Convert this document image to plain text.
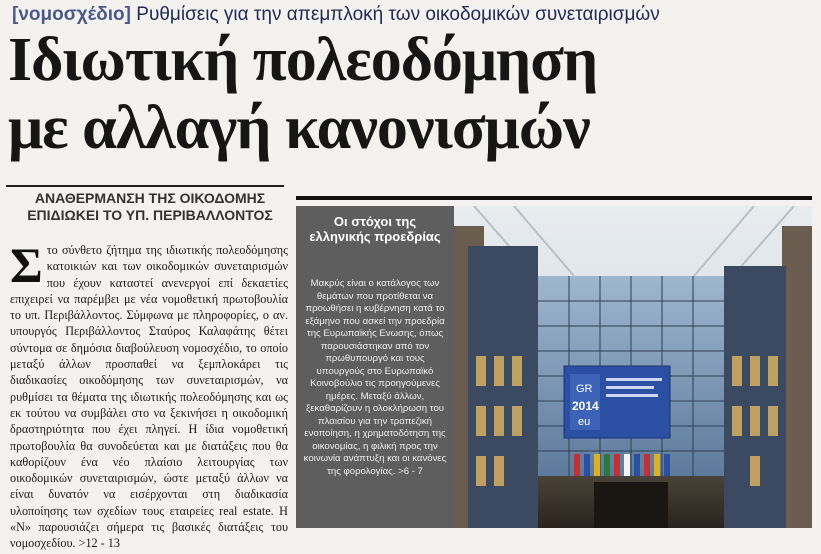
[νομοσχέδιο] Ρυθμίσεις για την απεμπλοκή των οικοδομικών συνεταιρισμών
Ιδιωτική πολεοδόμηση
με αλλαγή κανονισμών
ΑΝΑΘΕΡΜΑΝΣΗ ΤΗΣ ΟΙΚΟΔΟΜΗΣ
ΕΠΙΔΙΩΚΕΙ ΤΟ ΥΠ. ΠΕΡΙΒΑΛΛΟΝΤΟΣ
Στο σύνθετο ζήτημα της ιδιωτικής πολεοδόμησης κατοικιών και των οικοδομικών συνεταιρισμών που έχουν καταστεί ανενεργοί επί δεκαετίες επιχειρεί να παρέμβει με νέα νομοθετική πρωτοβουλία το υπ. Περιβάλλοντος. Σύμφωνα με πληροφορίες, ο αν. υπουργός Περιβάλλοντος Σταύρος Καλαφάτης θέτει σύντομα σε δημόσια διαβούλευση νομοσχέδιο, το οποίο μεταξύ άλλων προσπαθεί να ξεμπλοκάρει τις διαδικασίες οικοδόμησης των συνεταιρισμών, να ρυθμίσει τα θέματα της ιδιωτικής πολεοδόμησης και ως εκ τούτου να συμβάλει στο να ξεκινήσει η οικοδομική δραστηριότητα που έχει πληγεί. Η ίδια νομοθετική πρωτοβουλία θα συνοδεύεται και με διατάξεις που θα καθορίζουν ένα νέο πλαίσιο λειτουργίας των οικοδομικών συνεταιρισμών, ώστε μεταξύ άλλων να είναι δυνατόν να εισέρχονται στη διαδικασία υλοποίησης των σχεδίων τους εταιρείες real estate. Η «Ν» παρουσιάζει σήμερα τις βασικές διατάξεις του νομοσχεδίου. >12 - 13
Οι στόχοι της ελληνικής προεδρίας
Μακρύς είναι ο κατάλογος των θεμάτων που προτίθεται να προωθήσει η κυβέρνηση κατά το εξάμηνο που ασκεί την προεδρία της Ευρωπαϊκής Ενωσης, όπως παρουσιάστηκαν από τον πρωθυπουργό και τους υπουργούς στο Ευρωπαϊκό Κοινοβούλιο τις προηγούμενες ημέρες. Μεταξύ άλλων, ξεκαθαρίζουν η ολοκλήρωση του πλαισίου για την τραπεζική ενοποίηση, η χρηματοδότηση της οικονομίας, η φιλική προς την κοινωνία ανάπτυξη και οι κανόνες της φορολογίας. >6 - 7
GR
2014
eu
